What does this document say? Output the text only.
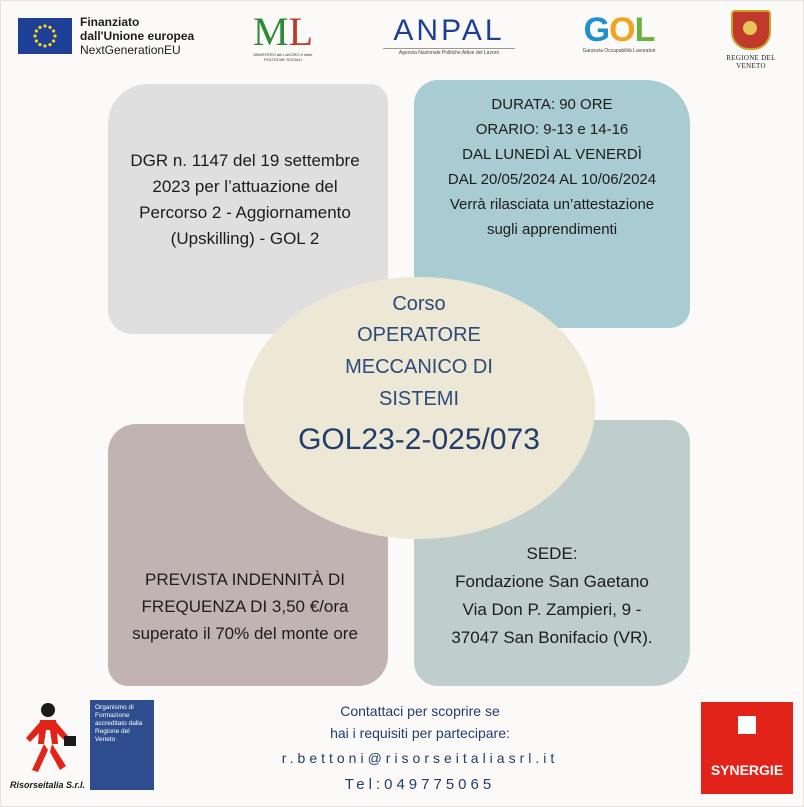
Finanziato
dall'Unione europea
NextGenerationEU	ML
MINISTERO del LAVORO e delle POLITICHE SOCIALI
ANPAL
Agenzia Nazionale Politiche Attive del Lavoro
GOL
Garanzia Occupabilità Lavoratori
REGIONE DEL VENETO
DGR n. 1147 del 19 settembre
2023 per l’attuazione del
Percorso 2 - Aggiornamento
(Upskilling) - GOL 2
DURATA: 90 ORE
ORARIO: 9-13 e 14-16
DAL LUNEDÌ AL VENERDÌ
DAL 20/05/2024 AL 10/06/2024
Verrà rilasciata un’attestazione
sugli apprendimenti
PREVISTA INDENNITÀ DI
FREQUENZA DI 3,50 €/ora
superato il 70% del monte ore
SEDE:
Fondazione San Gaetano
Via Don P. Zampieri, 9 -
37047 San Bonifacio (VR).
Corso
OPERATORE
MECCANICO DI
SISTEMI
GOL23-2-025/073
Risorseitalia S.r.l.
Organismo di Formazione accreditato dalla Regione del Veneto
Contattaci per scoprire se
hai i requisiti per partecipare:
r.bettoni@risorseitaliasrl.it
Tel:049775065
SYNERGIE
